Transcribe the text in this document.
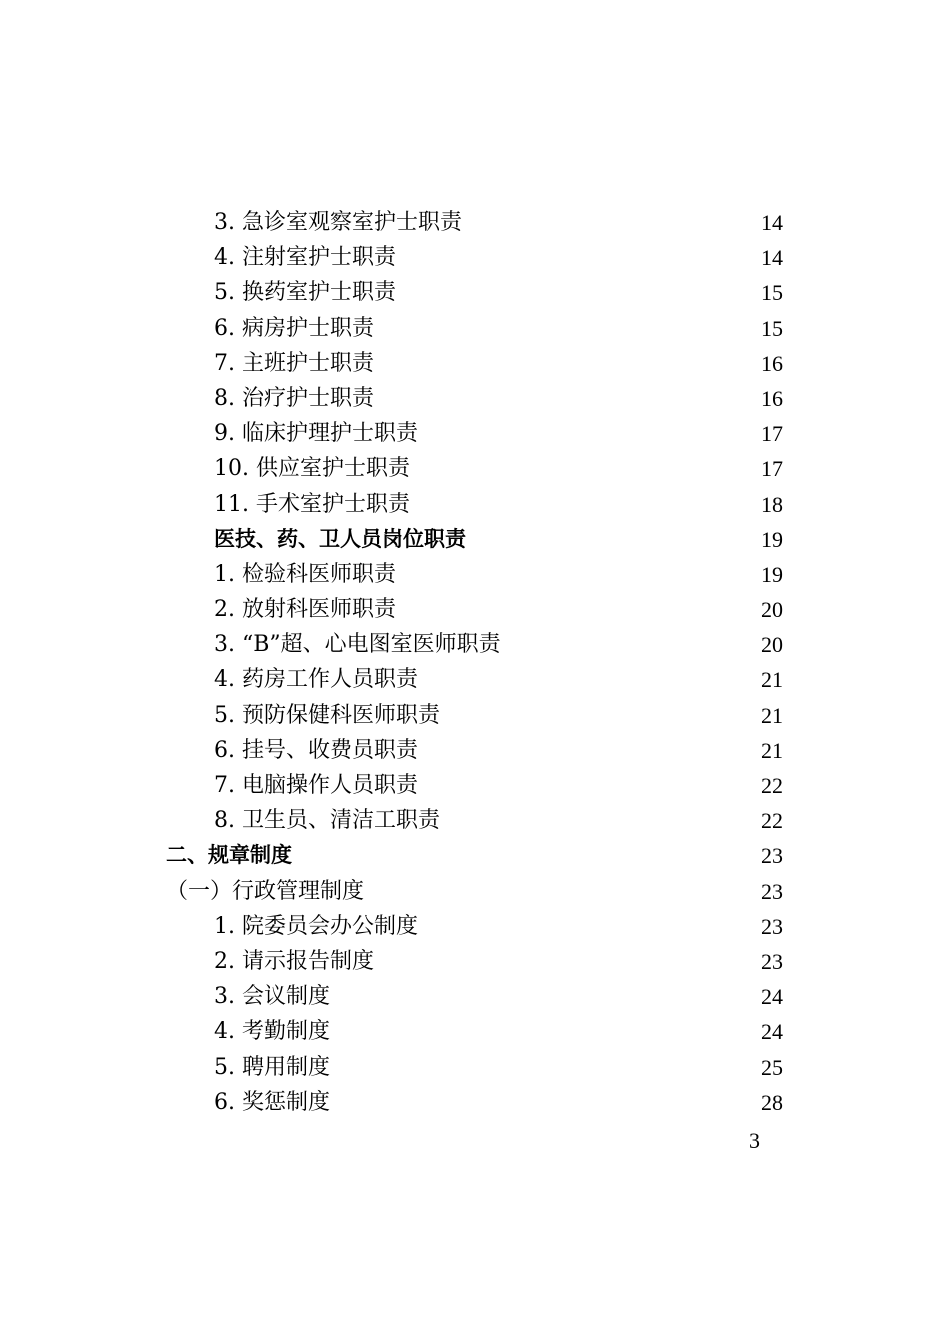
3. 急诊室观察室护士职责	14
4. 注射室护士职责	14
5. 换药室护士职责	15
6. 病房护士职责	15
7. 主班护士职责	16
8. 治疗护士职责	16
9. 临床护理护士职责	17
10. 供应室护士职责	17
11. 手术室护士职责	18
医技、药、卫人员岗位职责	19
1. 检验科医师职责	19
2. 放射科医师职责	20
3. “B”超、心电图室医师职责	20
4. 药房工作人员职责	21
5. 预防保健科医师职责	21
6. 挂号、收费员职责	21
7. 电脑操作人员职责	22
8. 卫生员、清洁工职责	22
二、规章制度	23
（一）行政管理制度	23
1. 院委员会办公制度	23
2. 请示报告制度	23
3. 会议制度	24
4. 考勤制度	24
5. 聘用制度	25
6. 奖惩制度	28
3
